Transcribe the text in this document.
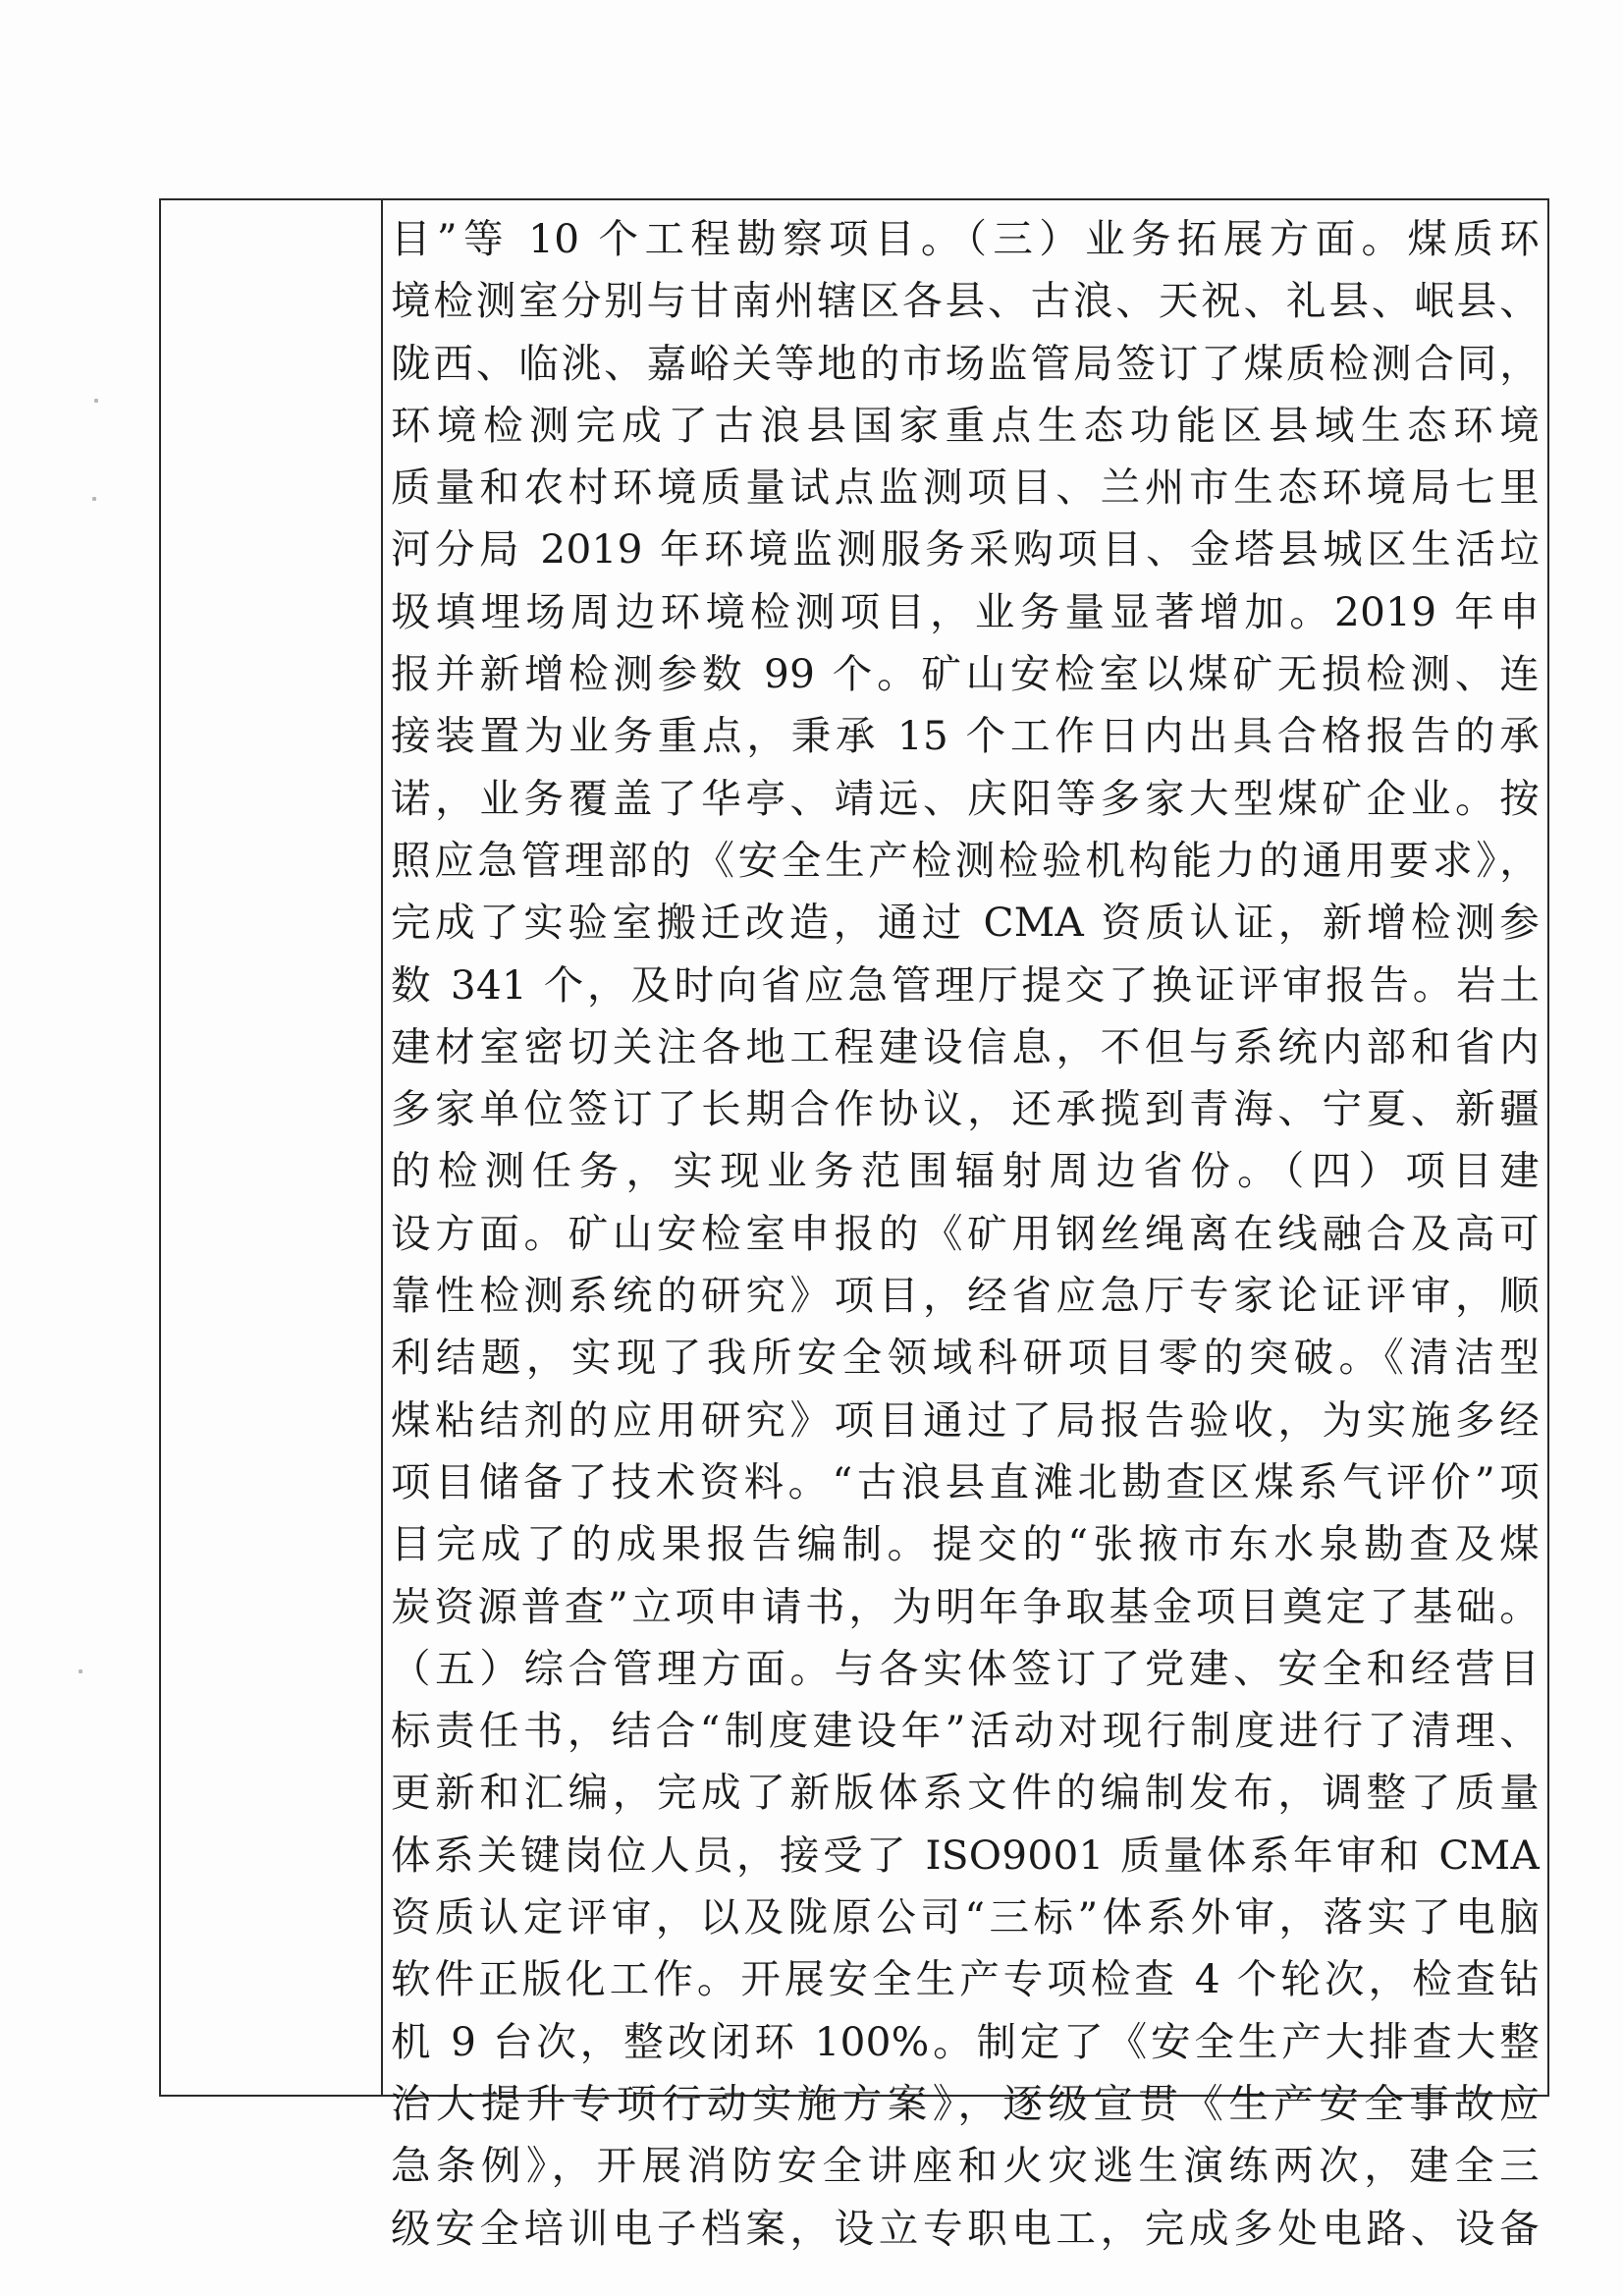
目”等 10 个工程勘察项目。（三）业务拓展方面。煤质环
境检测室分别与甘南州辖区各县、古浪、天祝、礼县、岷县、
陇西、临洮、嘉峪关等地的市场监管局签订了煤质检测合同，
环境检测完成了古浪县国家重点生态功能区县域生态环境
质量和农村环境质量试点监测项目、兰州市生态环境局七里
河分局 2019 年环境监测服务采购项目、金塔县城区生活垃
圾填埋场周边环境检测项目，业务量显著增加。2019 年申
报并新增检测参数 99 个。矿山安检室以煤矿无损检测、连
接装置为业务重点，秉承 15 个工作日内出具合格报告的承
诺，业务覆盖了华亭、靖远、庆阳等多家大型煤矿企业。按
照应急管理部的《安全生产检测检验机构能力的通用要求》，
完成了实验室搬迁改造，通过 CMA 资质认证，新增检测参
数 341 个，及时向省应急管理厅提交了换证评审报告。岩土
建材室密切关注各地工程建设信息，不但与系统内部和省内
多家单位签订了长期合作协议，还承揽到青海、宁夏、新疆
的检测任务，实现业务范围辐射周边省份。（四）项目建
设方面。矿山安检室申报的《矿用钢丝绳离在线融合及高可
靠性检测系统的研究》项目，经省应急厅专家论证评审，顺
利结题，实现了我所安全领域科研项目零的突破。《清洁型
煤粘结剂的应用研究》项目通过了局报告验收，为实施多经
项目储备了技术资料。“古浪县直滩北勘查区煤系气评价”项
目完成了的成果报告编制。提交的“张掖市东水泉勘查及煤
炭资源普查”立项申请书，为明年争取基金项目奠定了基础。
（五）综合管理方面。与各实体签订了党建、安全和经营目
标责任书，结合“制度建设年”活动对现行制度进行了清理、
更新和汇编，完成了新版体系文件的编制发布，调整了质量
体系关键岗位人员，接受了 ISO9001 质量体系年审和 CMA
资质认定评审，以及陇原公司“三标”体系外审，落实了电脑
软件正版化工作。开展安全生产专项检查 4 个轮次，检查钻
机 9 台次，整改闭环 100%。制定了《安全生产大排查大整
治大提升专项行动实施方案》，逐级宣贯《生产安全事故应
急条例》，开展消防安全讲座和火灾逃生演练两次，建全三
级安全培训电子档案，设立专职电工，完成多处电路、设备
